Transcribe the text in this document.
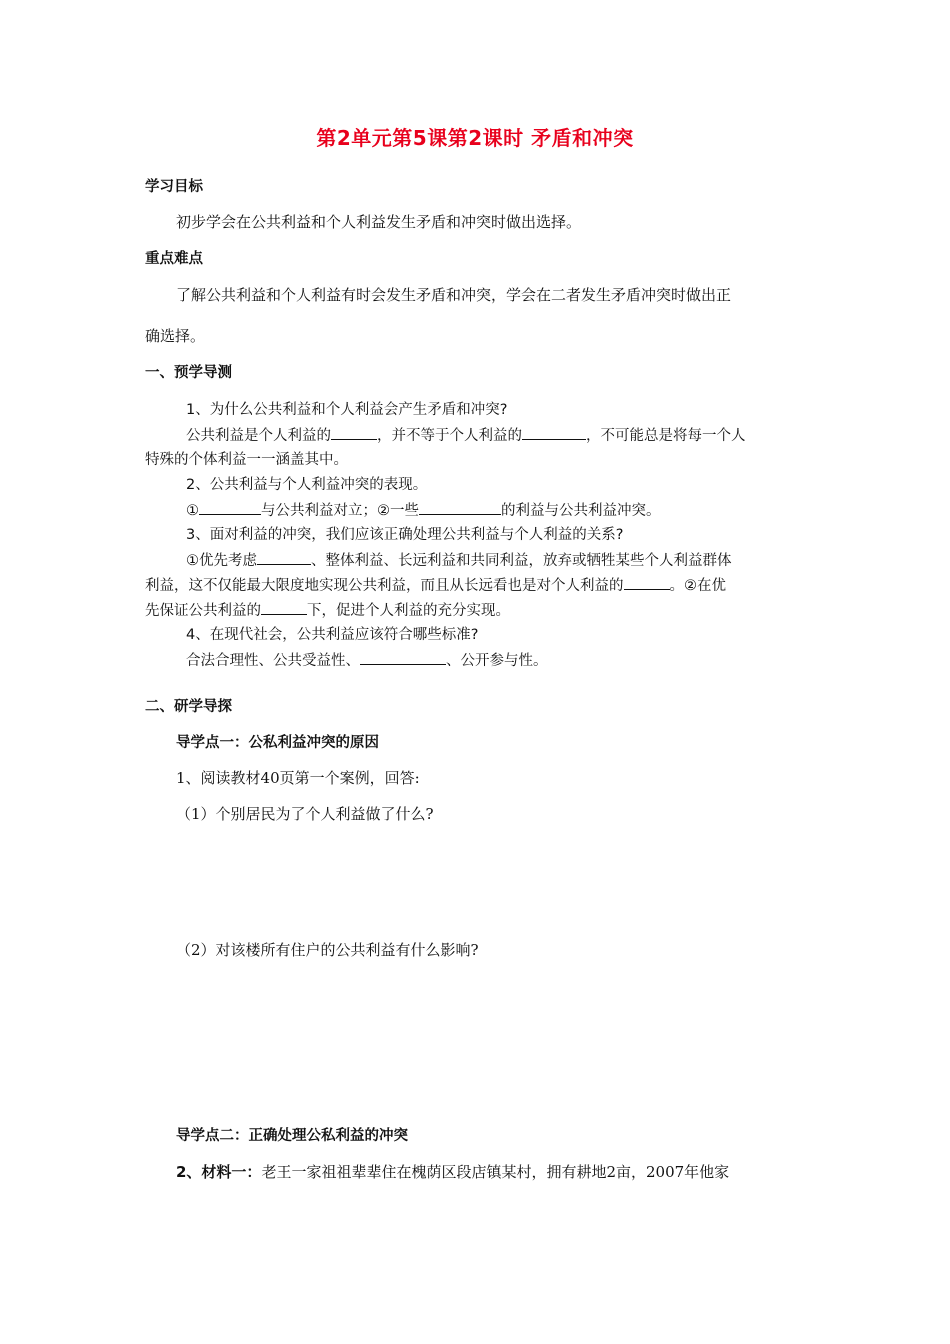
第2单元第5课第2课时 矛盾和冲突
学习目标
初步学会在公共利益和个人利益发生矛盾和冲突时做出选择。
重点难点
了解公共利益和个人利益有时会发生矛盾和冲突，学会在二者发生矛盾冲突时做出正
确选择。
一、预学导测
1、为什么公共利益和个人利益会产生矛盾和冲突?
公共利益是个人利益的	，并不等于个人利益的	，不可能总是将每一个人
特殊的个体利益一一涵盖其中。
2、公共利益与个人利益冲突的表现。
①	与公共利益对立；②一些	的利益与公共利益冲突。
3、面对利益的冲突，我们应该正确处理公共利益与个人利益的关系?
①优先考虑	、整体利益、长远利益和共同利益，放弃或牺牲某些个人利益群体
利益，这不仅能最大限度地实现公共利益，而且从长远看也是对个人利益的	。②在优
先保证公共利益的	下，促进个人利益的充分实现。
4、在现代社会，公共利益应该符合哪些标准?
合法合理性、公共受益性、	、公开参与性。
二、研学导探
导学点一：公私利益冲突的原因
1、阅读教材40页第一个案例，回答:
（1）个别居民为了个人利益做了什么?
（2）对该楼所有住户的公共利益有什么影响?
导学点二：正确处理公私利益的冲突
2、材料一：老王一家祖祖辈辈住在槐荫区段店镇某村，拥有耕地2亩，2007年他家
